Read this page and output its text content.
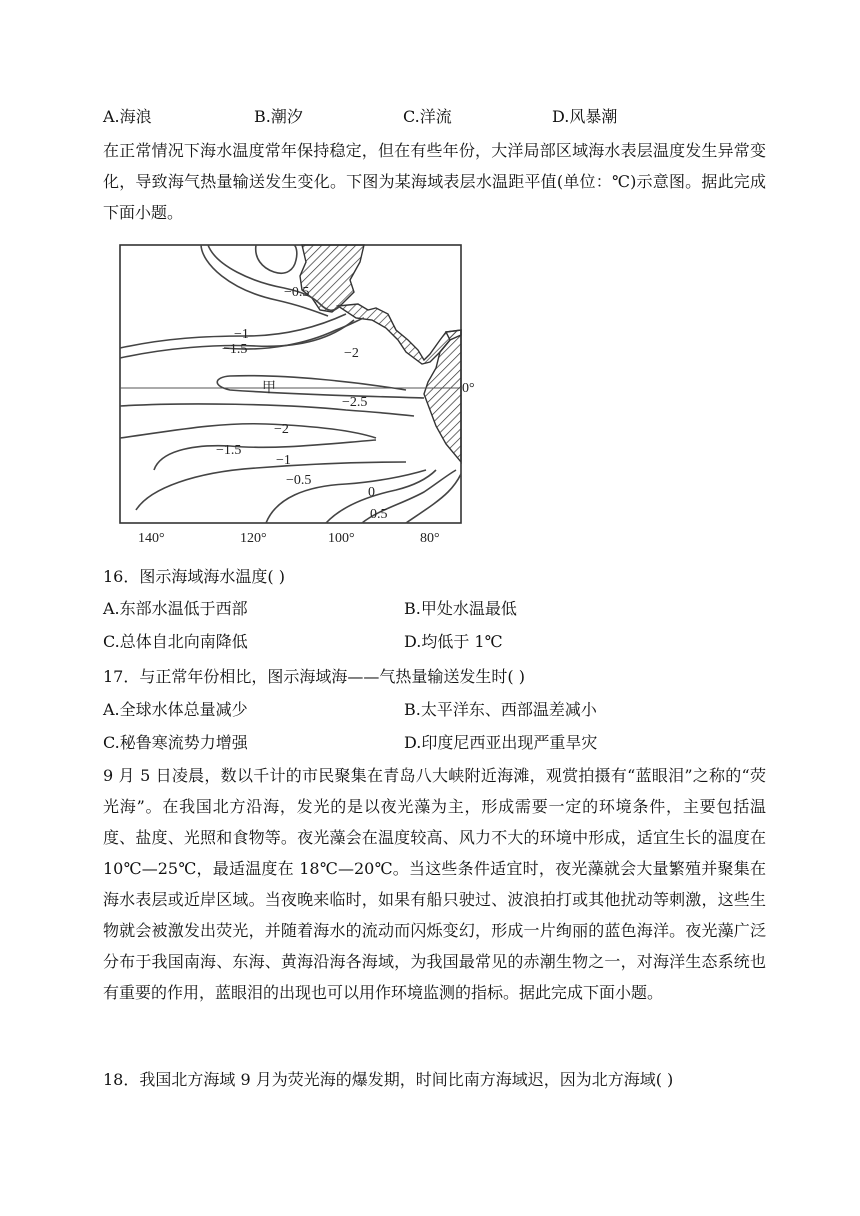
A.海浪	B.潮汐	C.洋流	D.风暴潮

在正常情况下海水温度常年保持稳定，但在有些年份，大洋局部区域海水表层温度发生异常变化，导致海气热量输送发生变化。下图为某海域表层水温距平值(单位：℃)示意图。据此完成下面小题。

−0.5
−1
−1.5	−2
甲
−2.5
0°
−2
−1.5
−1
−0.5
0
0.5
140°	120°	100°	80°
16．图示海域海水温度( )
A.东部水温低于西部	B.甲处水温最低
C.总体自北向南降低	D.均低于 1℃
17．与正常年份相比，图示海域海——气热量输送发生时( )
A.全球水体总量减少	B.太平洋东、西部温差减小
C.秘鲁寒流势力增强	D.印度尼西亚出现严重旱灾

9 月 5 日凌晨，数以千计的市民聚集在青岛八大峡附近海滩，观赏拍摄有“蓝眼泪”之称的“荧光海”。在我国北方沿海，发光的是以夜光藻为主，形成需要一定的环境条件，主要包括温度、盐度、光照和食物等。夜光藻会在温度较高、风力不大的环境中形成，适宜生长的温度在 10℃—25℃，最适温度在 18℃—20℃。当这些条件适宜时，夜光藻就会大量繁殖并聚集在海水表层或近岸区域。当夜晚来临时，如果有船只驶过、波浪拍打或其他扰动等刺激，这些生物就会被激发出荧光，并随着海水的流动而闪烁变幻，形成一片绚丽的蓝色海洋。夜光藻广泛分布于我国南海、东海、黄海沿海各海域，为我国最常见的赤潮生物之一，对海洋生态系统也有重要的作用，蓝眼泪的出现也可以用作环境监测的指标。据此完成下面小题。

18．我国北方海域 9 月为荧光海的爆发期，时间比南方海域迟，因为北方海域( )
